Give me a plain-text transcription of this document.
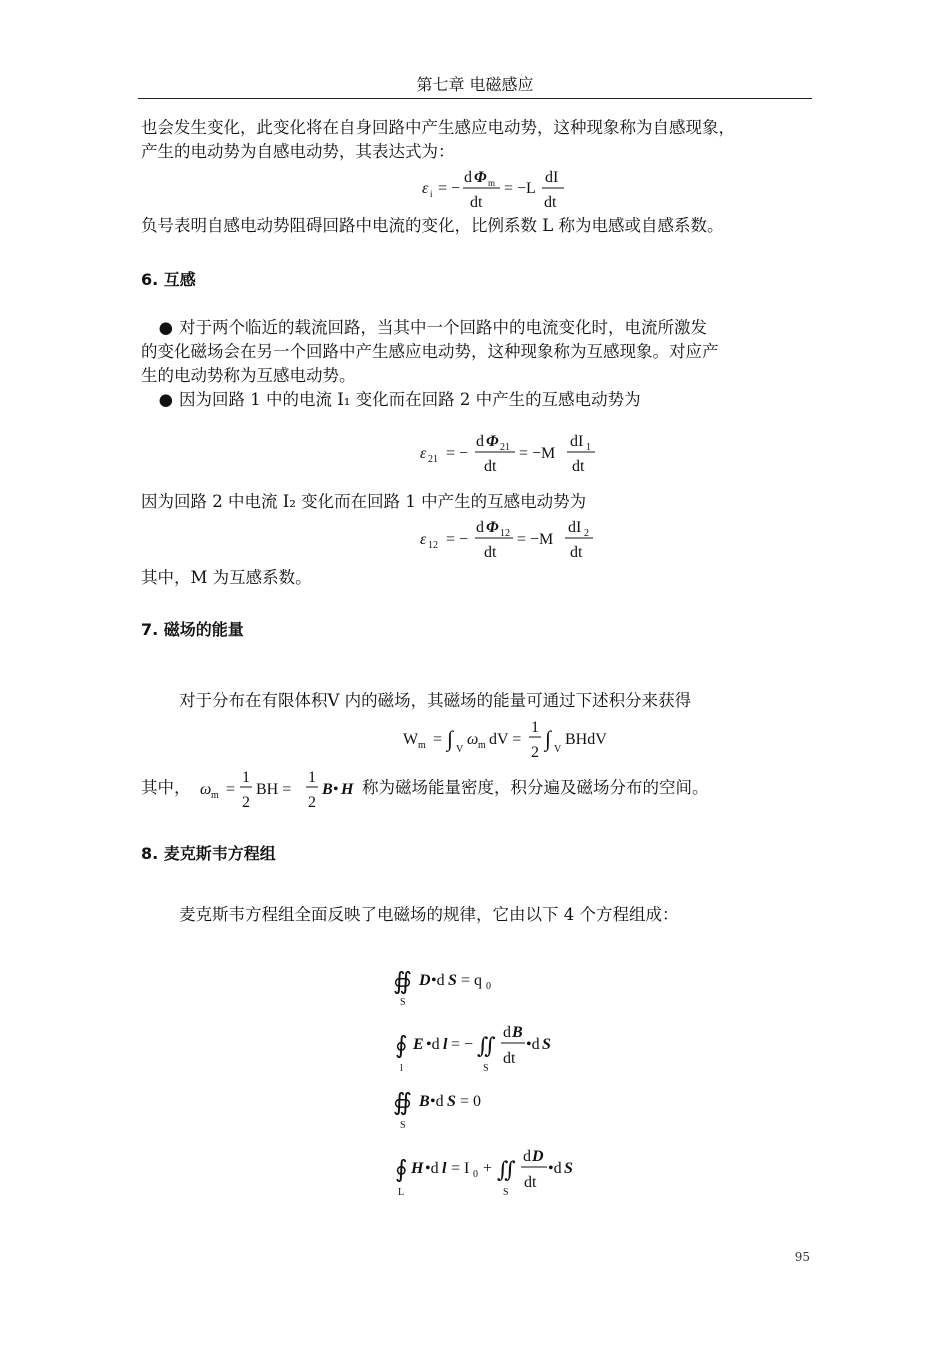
第七章 电磁感应
也会发生变化，此变化将在自身回路中产生感应电动势，这种现象称为自感现象，
产生的电动势为自感电动势，其表达式为：
ε i = −
d Φ m
dt
= −L
dI
dt
负号表明自感电动势阻碍回路中电流的变化，比例系数 L 称为电感或自感系数。
6. 互感
● 对于两个临近的载流回路，当其中一个回路中的电流变化时，电流所激发
的变化磁场会在另一个回路中产生感应电动势，这种现象称为互感现象。对应产
生的电动势称为互感电动势。
● 因为回路 1 中的电流 I₁ 变化而在回路 2 中产生的互感电动势为
ε 21 = −
d Φ 21
dt
= −M
dI 1
dt
因为回路 2 中电流 I₂ 变化而在回路 1 中产生的互感电动势为
ε 12 = −
d Φ 12
dt
= −M
dI 2
dt
其中，M 为互感系数。
7. 磁场的能量
对于分布在有限体积V 内的磁场，其磁场的能量可通过下述积分来获得
W m = ∫ V
ω m dV =
1
2
∫ V
BHdV
其中， ω m =
1
2
BH =
1
2
B • H 称为磁场能量密度，积分遍及磁场分布的空间。
8. 麦克斯韦方程组
麦克斯韦方程组全面反映了电磁场的规律，它由以下 4 个方程组成：
∯
S
D •d S = q 0
∮
l
E •d l = − ∬
S
d B
dt
•d S
∯
S
B •d S = 0
∮
L
H •d l = I 0 + ∬
S
d D
dt
•d S
95
